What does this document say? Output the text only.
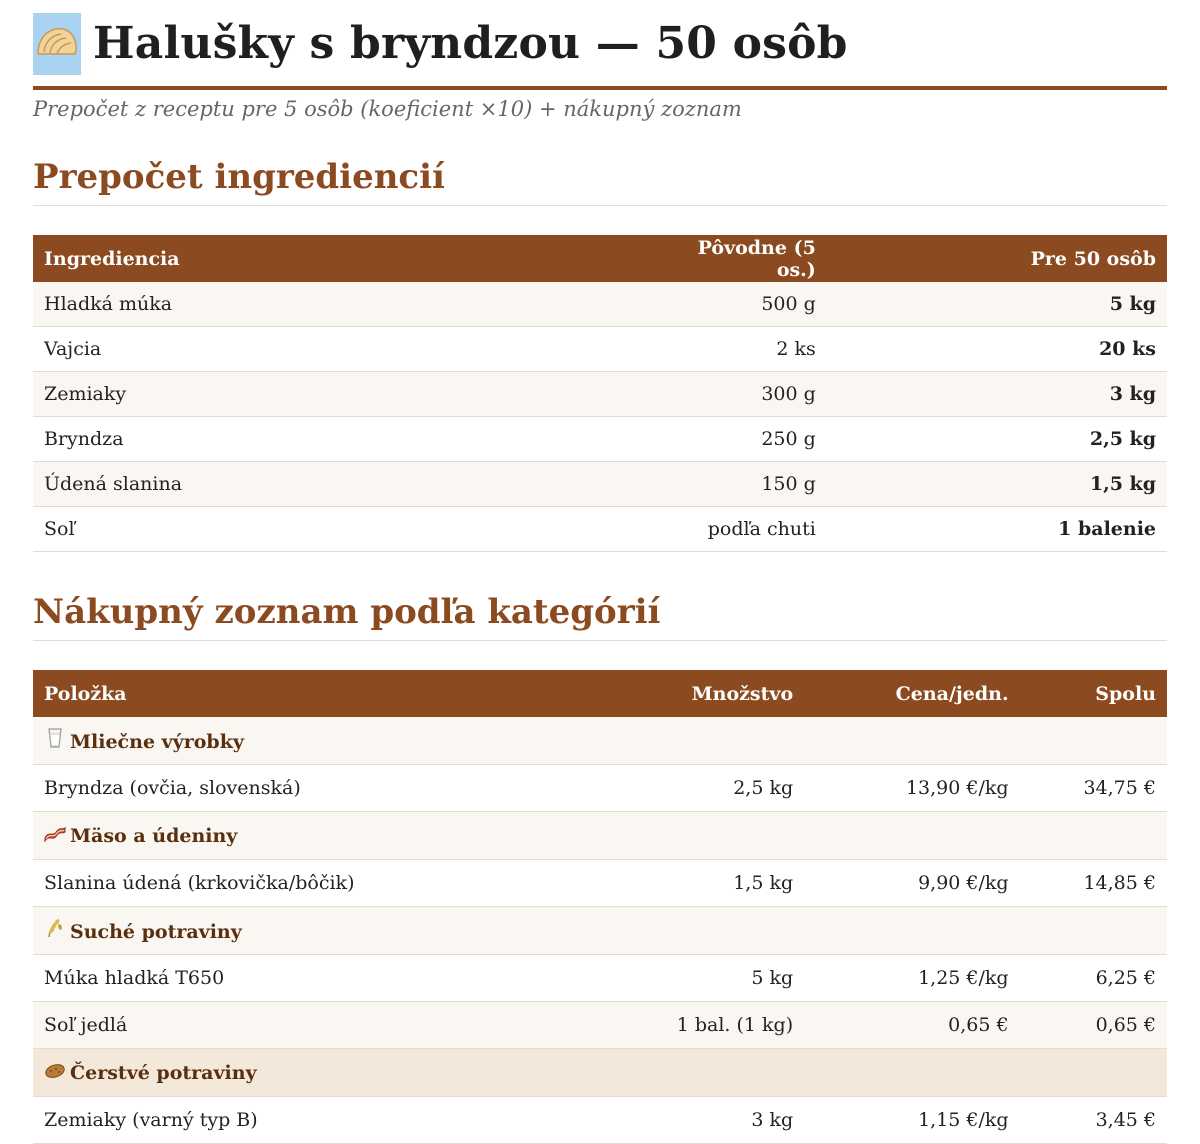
Halušky s bryndzou — 50 osôb
Prepočet z receptu pre 5 osôb (koeficient ×10) + nákupný zoznam
Prepočet ingrediencií
Ingrediencia	Pôvodne (5 os.)	Pre 50 osôb
Hladká múka	500 g	5 kg
Vajcia	2 ks	20 ks
Zemiaky	300 g	3 kg
Bryndza	250 g	2,5 kg
Údená slanina	150 g	1,5 kg
Soľ	podľa chuti	1 balenie
Nákupný zoznam podľa kategórií
Položka	Množstvo	Cena/jedn.	Spolu
Mliečne výrobky			
Bryndza (ovčia, slovenská)	2,5 kg	13,90 €/kg	34,75 €
Mäso a údeniny			
Slanina údená (krkovička/bôčik)	1,5 kg	9,90 €/kg	14,85 €
Suché potraviny			
Múka hladká T650	5 kg	1,25 €/kg	6,25 €
Soľ jedlá	1 bal. (1 kg)	0,65 €	0,65 €
Čerstvé potraviny			
Zemiaky (varný typ B)	3 kg	1,15 €/kg	3,45 €
